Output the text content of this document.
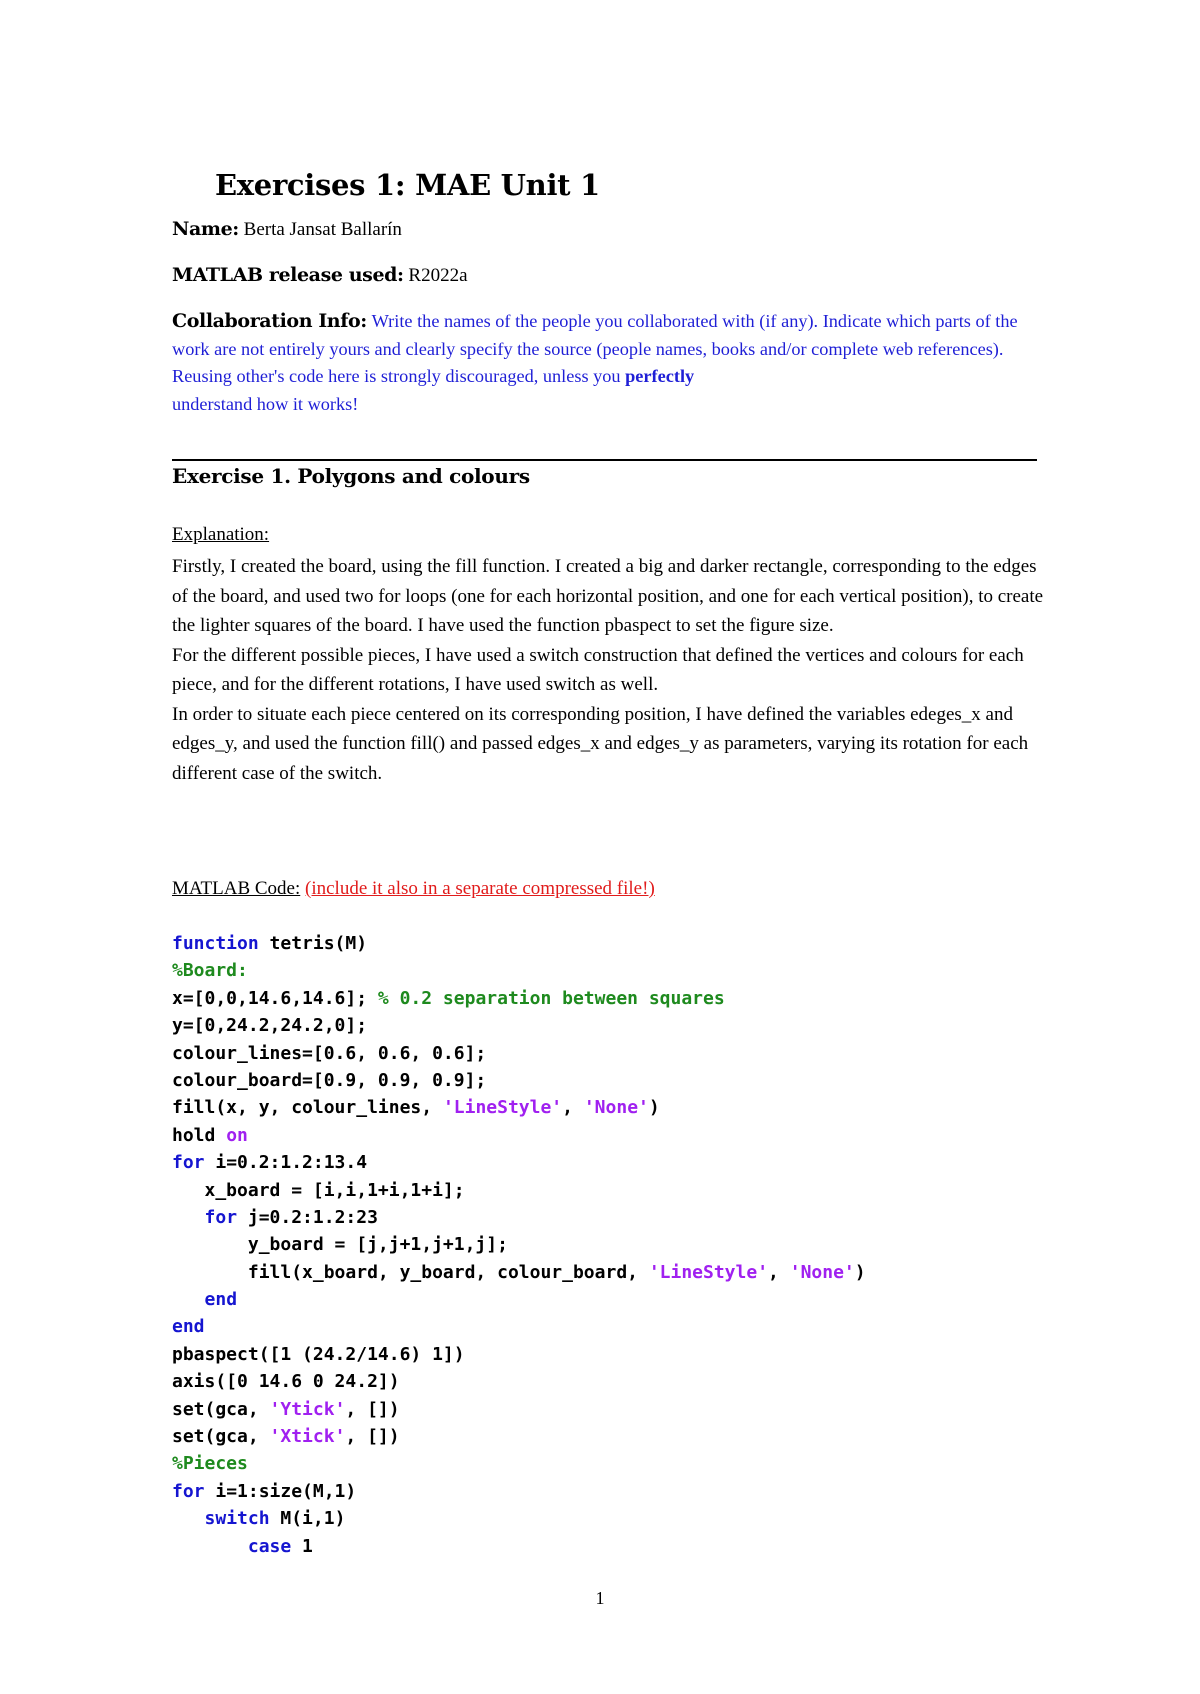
Exercises 1: MAE Unit 1

Name: Berta Jansat Ballarín

MATLAB release used: R2022a

Collaboration Info: Write the names of the people you collaborated with (if any). Indicate which parts of the work are not entirely yours and clearly specify the source (people names, books and/or complete web references). Reusing other's code here is strongly discouraged, unless you perfectly
understand how it works!

Exercise 1. Polygons and colours

Explanation:

Firstly, I created the board, using the fill function. I created a big and darker rectangle, corresponding to the edges of the board, and used two for loops (one for each horizontal position, and one for each vertical position), to create the lighter squares of the board. I have used the function pbaspect to set the figure size.

For the different possible pieces, I have used a switch construction that defined the vertices and colours for each piece, and for the different rotations, I have used switch as well.

In order to situate each piece centered on its corresponding position, I have defined the variables edeges_x and edges_y, and used the function fill() and passed edges_x and edges_y as parameters, varying its rotation for each different case of the switch.

MATLAB Code: (include it also in a separate compressed file!)

function tetris(M)
%Board:
x=[0,0,14.6,14.6]; % 0.2 separation between squares
y=[0,24.2,24.2,0];
colour_lines=[0.6, 0.6, 0.6];
colour_board=[0.9, 0.9, 0.9];
fill(x, y, colour_lines, 'LineStyle', 'None')
hold on
for i=0.2:1.2:13.4
x_board = [i,i,1+i,1+i];
for j=0.2:1.2:23
y_board = [j,j+1,j+1,j];
fill(x_board, y_board, colour_board, 'LineStyle', 'None')
end
end
pbaspect([1 (24.2/14.6) 1])
axis([0 14.6 0 24.2])
set(gca, 'Ytick', [])
set(gca, 'Xtick', [])
%Pieces
for i=1:size(M,1)
switch M(i,1)
case 1
1
